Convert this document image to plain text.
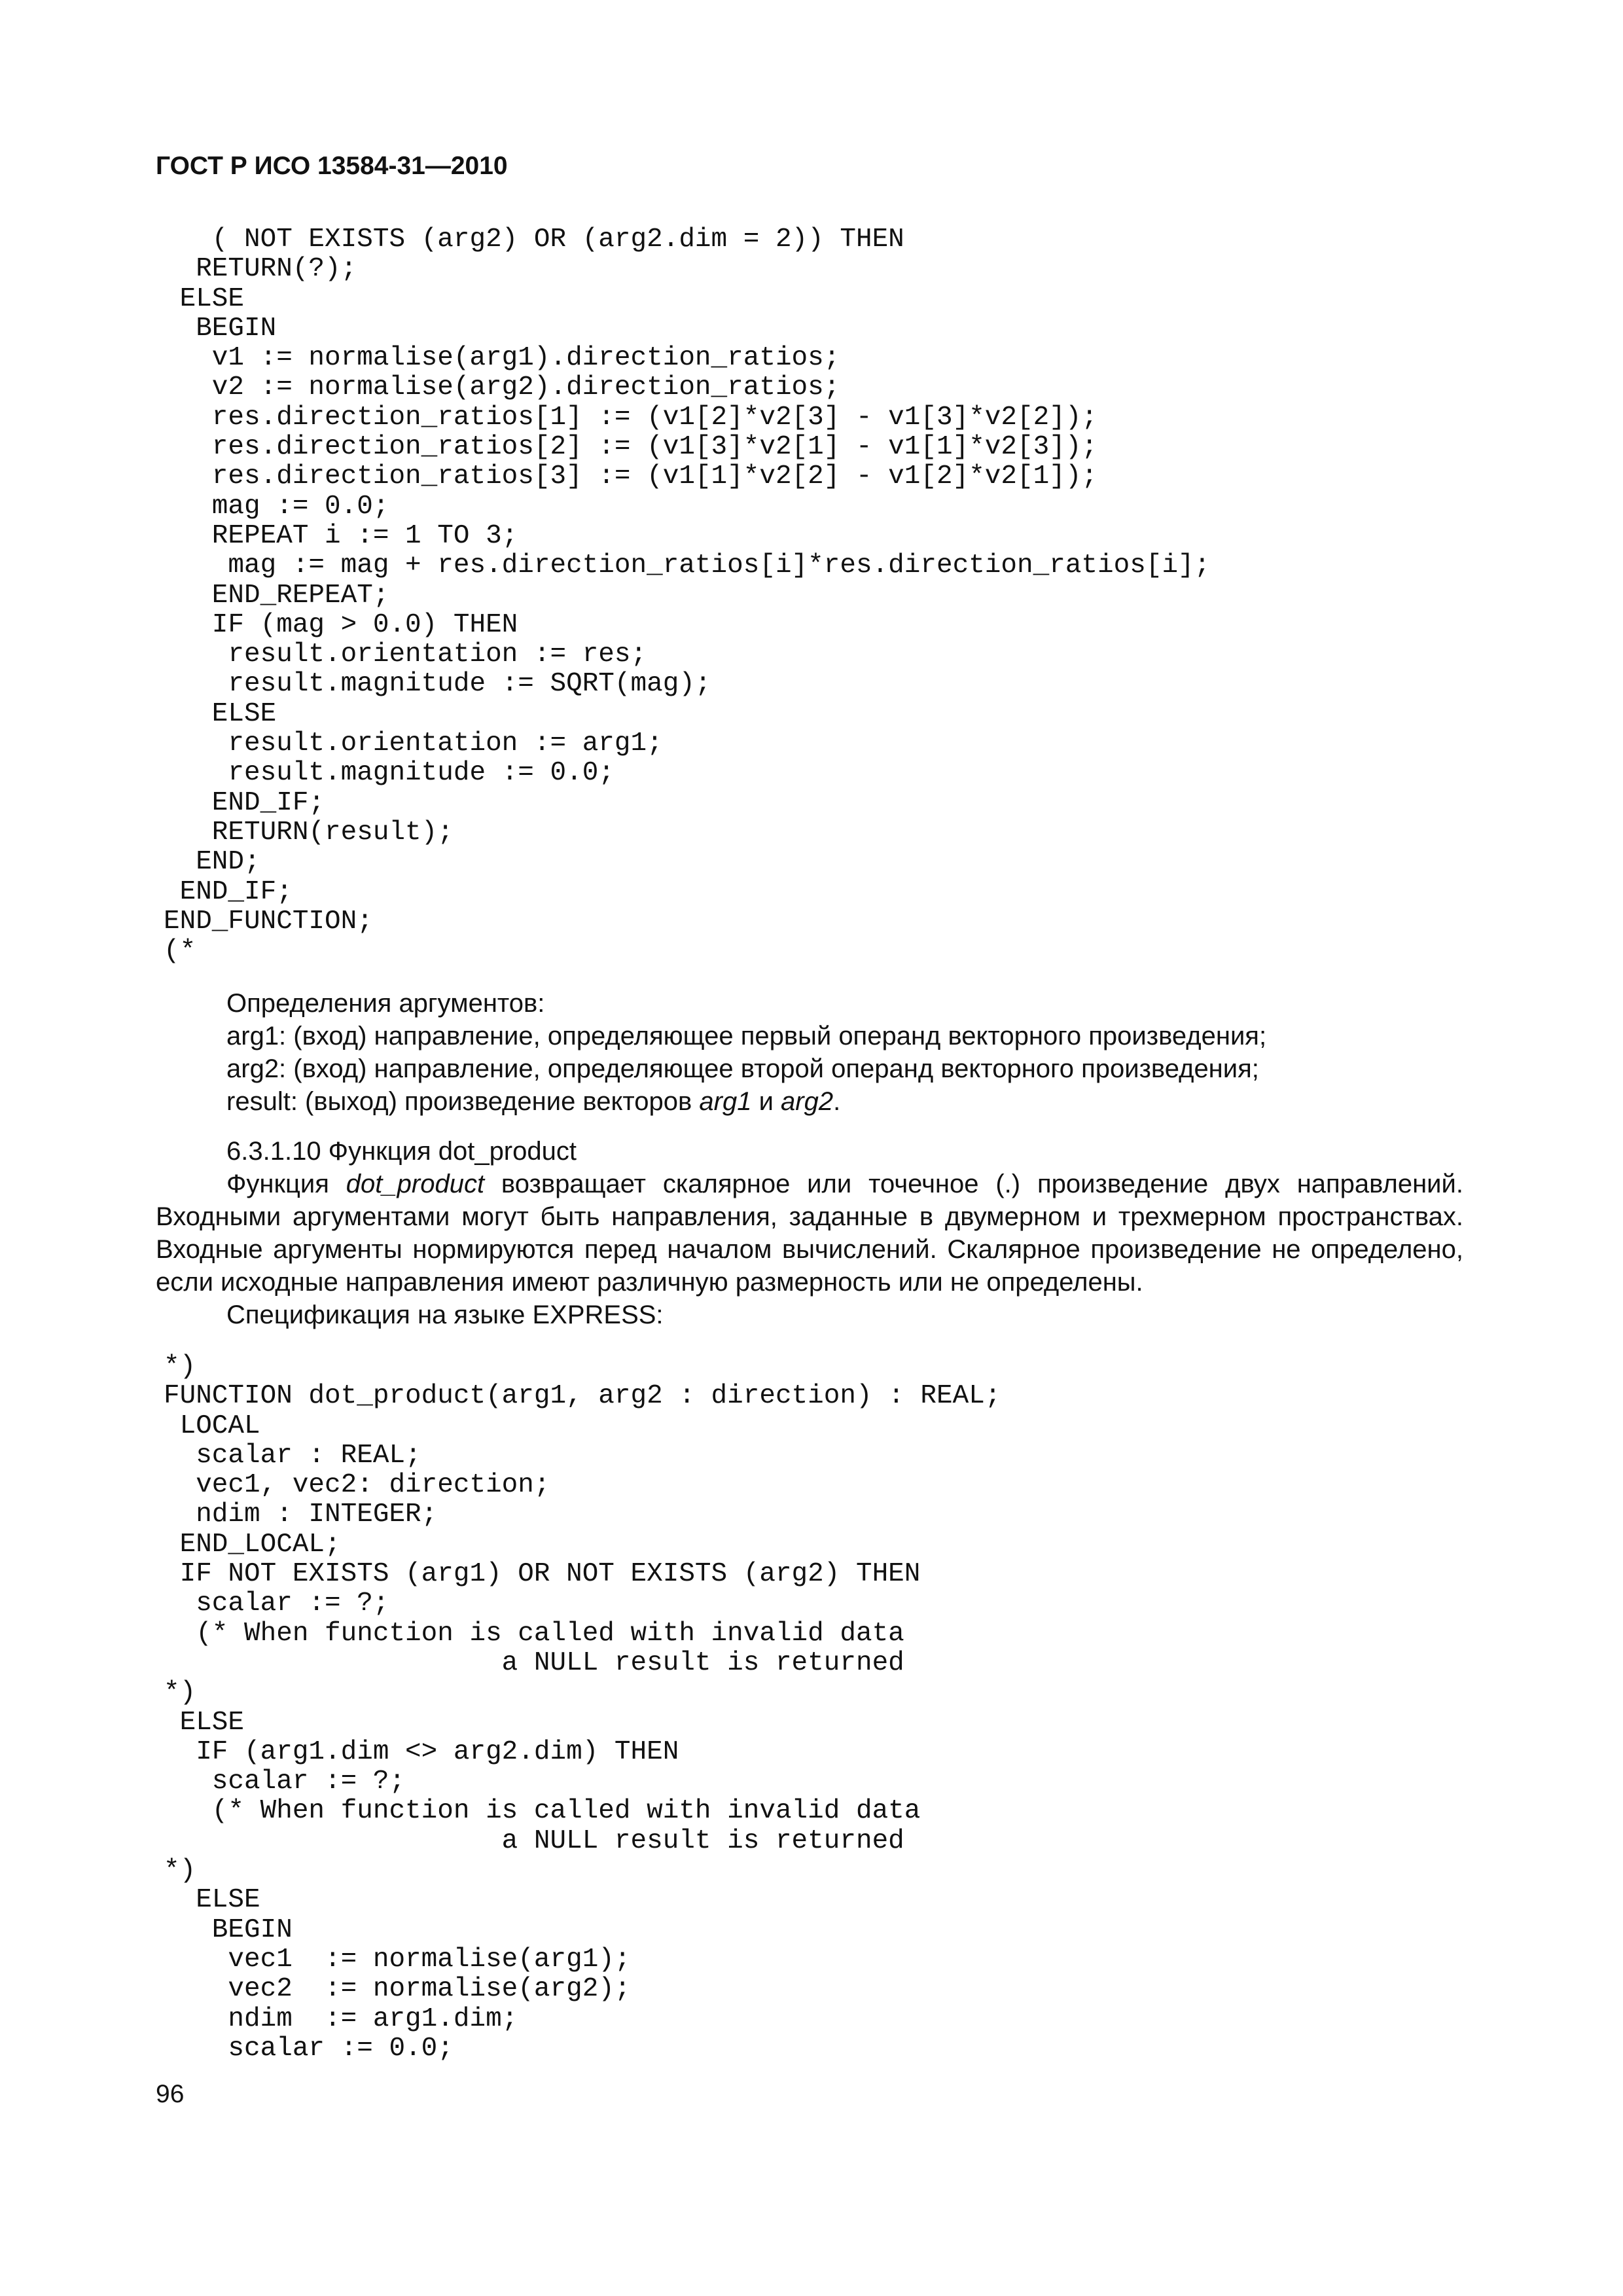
ГОСТ Р ИСО 13584-31—2010
( NOT EXISTS (arg2) OR (arg2.dim = 2)) THEN
RETURN(?);
ELSE
BEGIN
v1 := normalise(arg1).direction_ratios;
v2 := normalise(arg2).direction_ratios;
res.direction_ratios[1] := (v1[2]*v2[3] - v1[3]*v2[2]);
res.direction_ratios[2] := (v1[3]*v2[1] - v1[1]*v2[3]);
res.direction_ratios[3] := (v1[1]*v2[2] - v1[2]*v2[1]);
mag := 0.0;
REPEAT i := 1 TO 3;
mag := mag + res.direction_ratios[i]*res.direction_ratios[i];
END_REPEAT;
IF (mag > 0.0) THEN
result.orientation := res;
result.magnitude := SQRT(mag);
ELSE
result.orientation := arg1;
result.magnitude := 0.0;
END_IF;
RETURN(result);
END;
END_IF;
END_FUNCTION;
(*

Определения аргументов:

arg1: (вход) направление, определяющее первый операнд векторного произведения;

arg2: (вход) направление, определяющее второй операнд векторного произведения;

result: (выход) произведение векторов arg1 и arg2.

6.3.1.10 Функция dot_product

Функция dot_product возвращает скалярное или точечное (.) произведение двух направлений. Входными аргументами могут быть направления, заданные в двумерном и трехмерном пространствах. Входные аргументы нормируются перед началом вычислений. Скалярное произведение не определено, если исходные направления имеют различную размерность или не определены.

Спецификация на языке EXPRESS:

*)
FUNCTION dot_product(arg1, arg2 : direction) : REAL;
LOCAL
scalar : REAL;
vec1, vec2: direction;
ndim : INTEGER;
END_LOCAL;
IF NOT EXISTS (arg1) OR NOT EXISTS (arg2) THEN
scalar := ?;
(* When function is called with invalid data
a NULL result is returned
*)
ELSE
IF (arg1.dim <> arg2.dim) THEN
scalar := ?;
(* When function is called with invalid data
a NULL result is returned
*)
ELSE
BEGIN
vec1  := normalise(arg1);
vec2  := normalise(arg2);
ndim  := arg1.dim;
scalar := 0.0;
96
